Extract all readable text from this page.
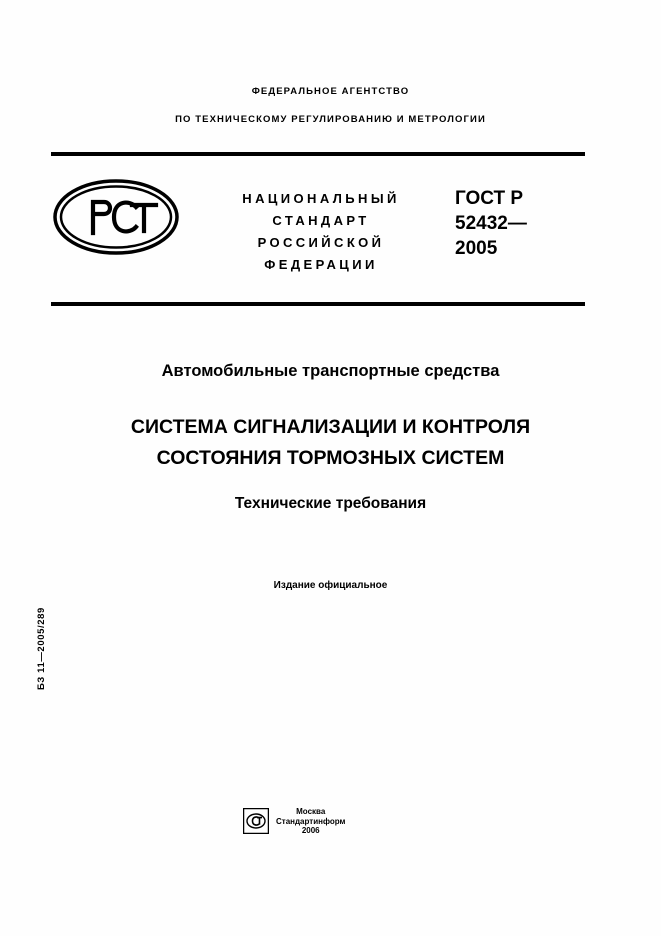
ФЕДЕРАЛЬНОЕ АГЕНТСТВО
ПО ТЕХНИЧЕСКОМУ РЕГУЛИРОВАНИЮ И МЕТРОЛОГИИ
НАЦИОНАЛЬНЫЙ
СТАНДАРТ
РОССИЙСКОЙ
ФЕДЕРАЦИИ
ГОСТ Р
52432—
2005
Автомобильные транспортные средства
СИСТЕМА СИГНАЛИЗАЦИИ И КОНТРОЛЯ
СОСТОЯНИЯ ТОРМОЗНЫХ СИСТЕМ
Технические требования
Издание официальное
БЗ 11—2005/289
Москва
Стандартинформ
2006
